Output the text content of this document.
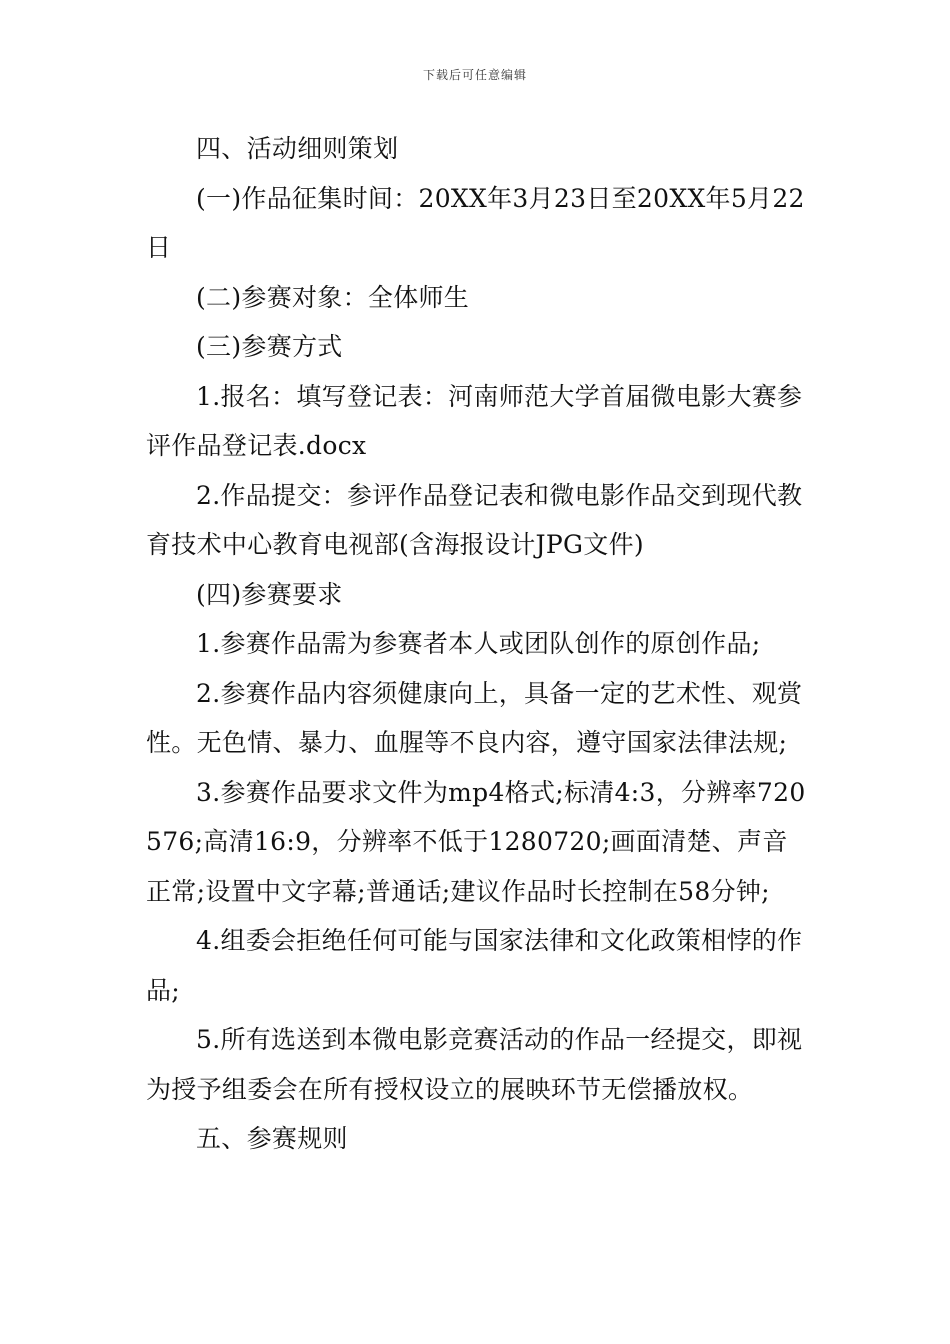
下载后可任意编辑

四、活动细则策划

(一)作品征集时间：20XX年3月23日至20XX年5月22日

(二)参赛对象：全体师生

(三)参赛方式

1.报名：填写登记表：河南师范大学首届微电影大赛参评作品登记表.docx

2.作品提交：参评作品登记表和微电影作品交到现代教育技术中心教育电视部(含海报设计JPG文件)

(四)参赛要求

1.参赛作品需为参赛者本人或团队创作的原创作品;

2.参赛作品内容须健康向上，具备一定的艺术性、观赏性。无色情、暴力、血腥等不良内容，遵守国家法律法规;

3.参赛作品要求文件为mp4格式;标清4:3，分辨率720576;高清16:9，分辨率不低于1280720;画面清楚、声音正常;设置中文字幕;普通话;建议作品时长控制在58分钟;

4.组委会拒绝任何可能与国家法律和文化政策相悖的作品;

5.所有选送到本微电影竞赛活动的作品一经提交，即视为授予组委会在所有授权设立的展映环节无偿播放权。

五、参赛规则
